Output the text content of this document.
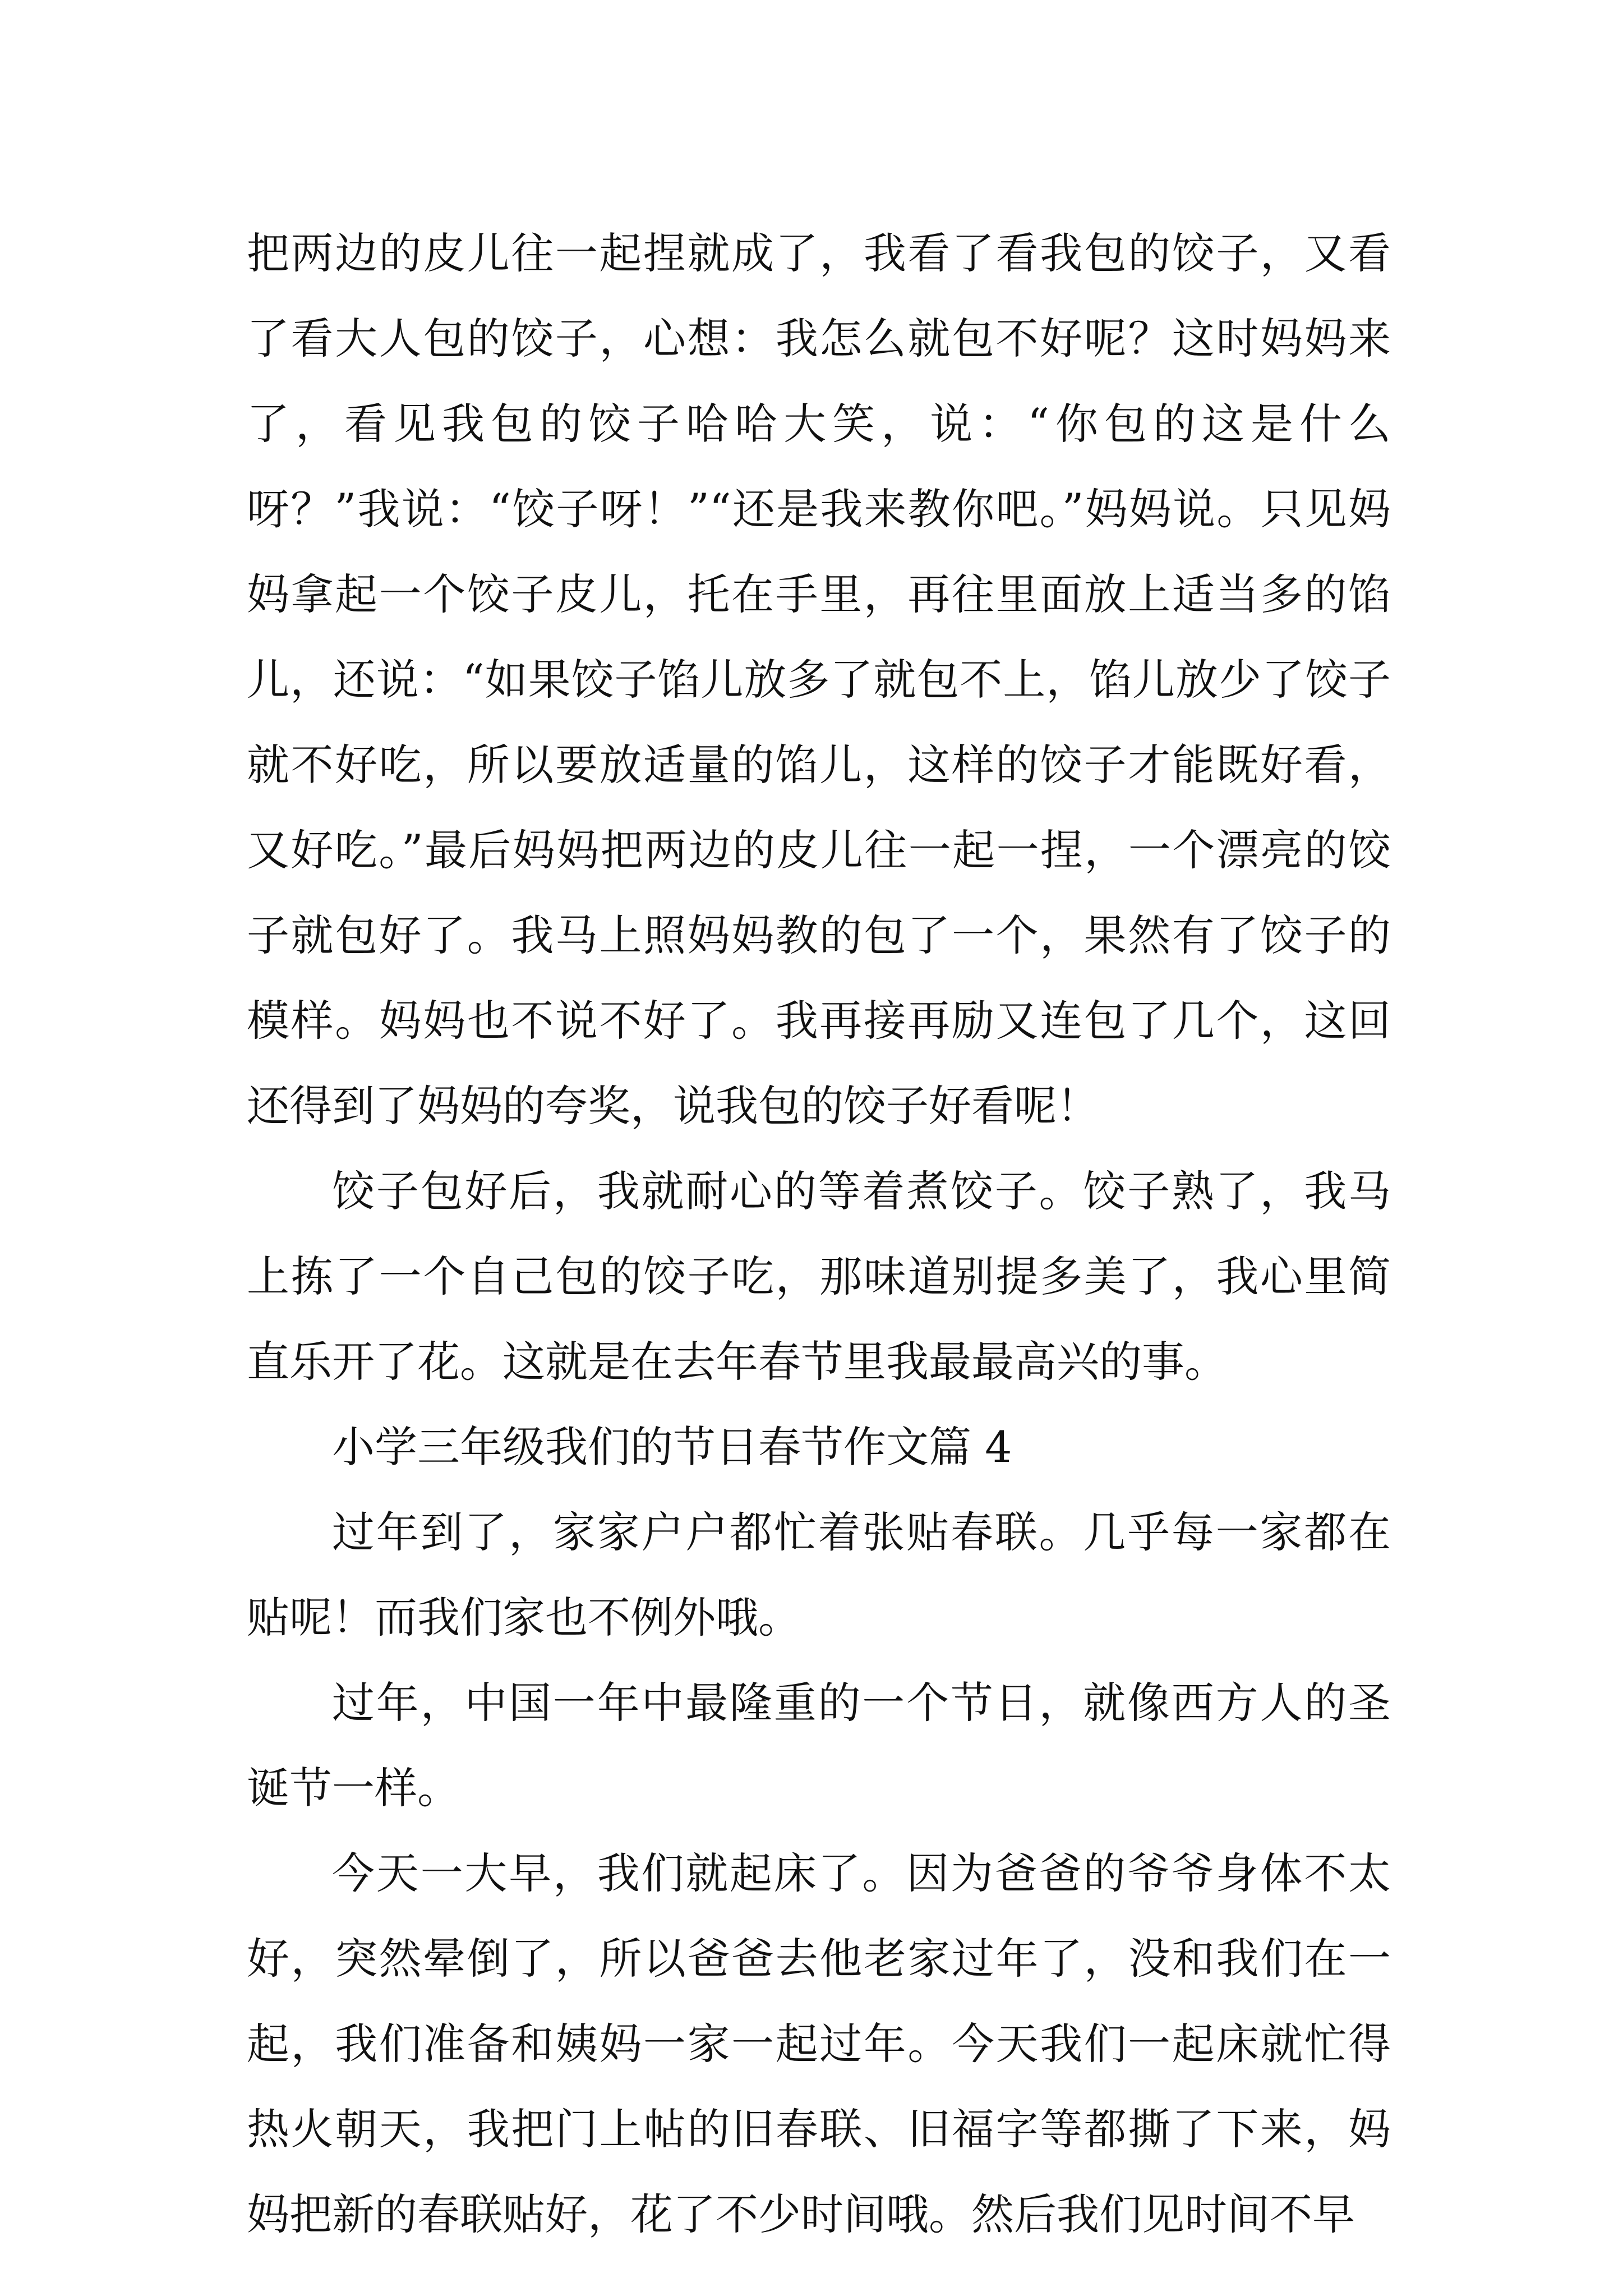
把两边的皮儿往一起捏就成了，我看了看我包的饺子，又看了看大人包的饺子，心想：我怎么就包不好呢？这时妈妈来了，看见我包的饺子哈哈大笑，说：“你包的这是什么呀？”我说：“饺子呀！”“还是我来教你吧。”妈妈说。只见妈妈拿起一个饺子皮儿，托在手里，再往里面放上适当多的馅儿，还说：“如果饺子馅儿放多了就包不上，馅儿放少了饺子就不好吃，所以要放适量的馅儿，这样的饺子才能既好看，又好吃。”最后妈妈把两边的皮儿往一起一捏，一个漂亮的饺子就包好了。我马上照妈妈教的包了一个，果然有了饺子的模样。妈妈也不说不好了。我再接再励又连包了几个，这回还得到了妈妈的夸奖，说我包的饺子好看呢！

饺子包好后，我就耐心的等着煮饺子。饺子熟了，我马上拣了一个自己包的饺子吃，那味道别提多美了，我心里简直乐开了花。这就是在去年春节里我最最高兴的事。

小学三年级我们的节日春节作文篇 4

过年到了，家家户户都忙着张贴春联。几乎每一家都在贴呢！而我们家也不例外哦。

过年，中国一年中最隆重的一个节日，就像西方人的圣诞节一样。

今天一大早，我们就起床了。因为爸爸的爷爷身体不太好，突然晕倒了，所以爸爸去他老家过年了，没和我们在一起，我们准备和姨妈一家一起过年。今天我们一起床就忙得热火朝天，我把门上帖的旧春联、旧福字等都撕了下来，妈妈把新的春联贴好，花了不少时间哦。然后我们见时间不早
